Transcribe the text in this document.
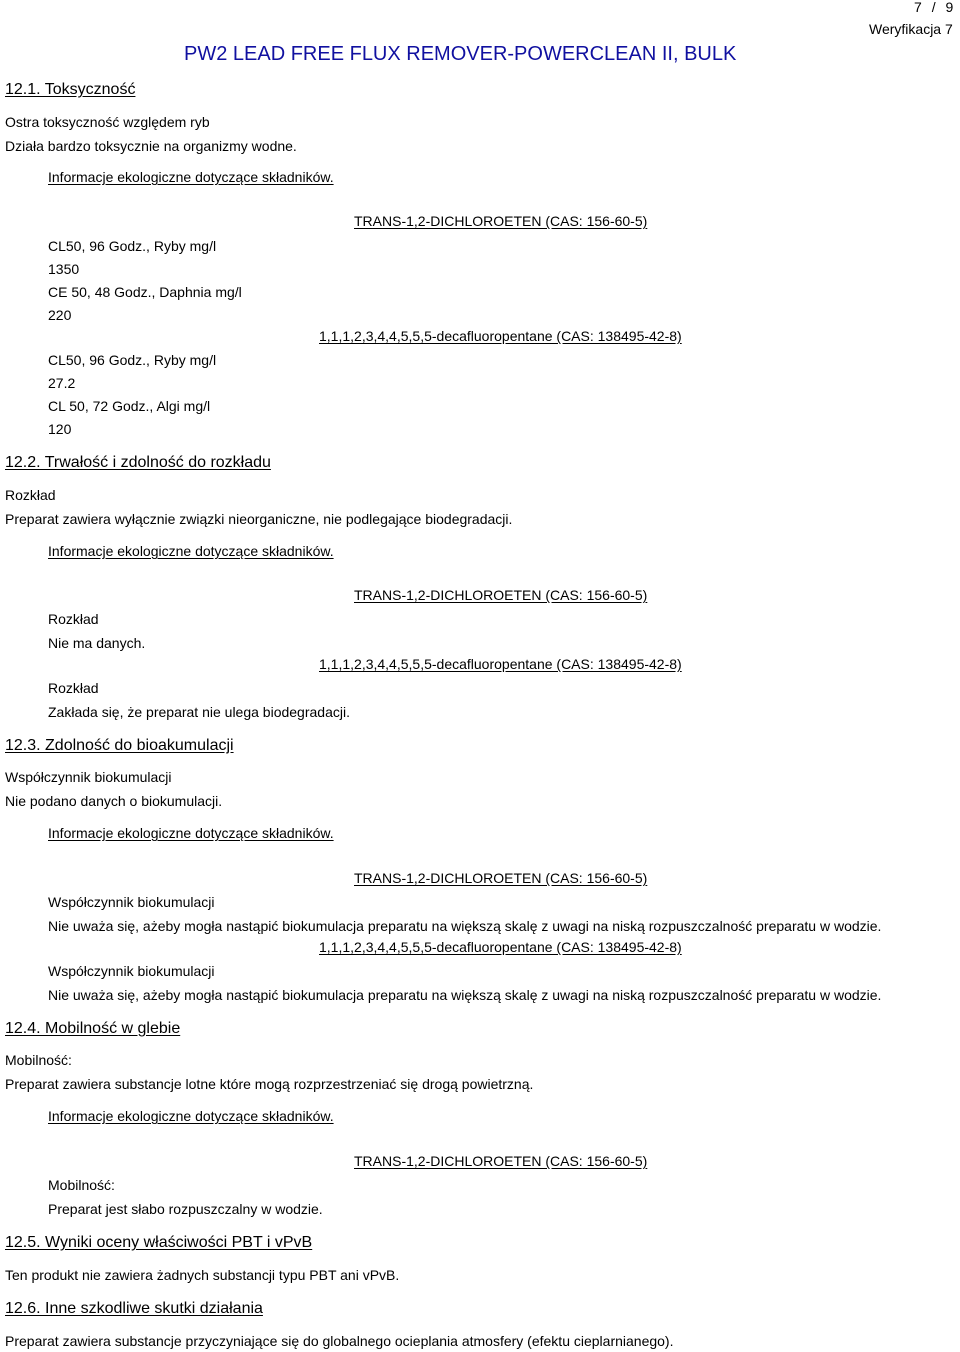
7 / 9
Weryfikacja 7
PW2 LEAD FREE FLUX REMOVER-POWERCLEAN II, BULK
12.1. Toksyczność
Ostra toksyczność względem ryb
Działa bardzo toksycznie na organizmy wodne.
Informacje ekologiczne dotyczące składników.
TRANS-1,2-DICHLOROETEN (CAS: 156-60-5)
CL50, 96 Godz., Ryby mg/l
1350
CE 50, 48 Godz., Daphnia mg/l
220
1,1,1,2,3,4,4,5,5,5-decafluoropentane (CAS: 138495-42-8)
CL50, 96 Godz., Ryby mg/l
27.2
CL 50, 72 Godz., Algi mg/l
120
12.2. Trwałość i zdolność do rozkładu
Rozkład
Preparat zawiera wyłącznie związki nieorganiczne, nie podlegające biodegradacji.
Informacje ekologiczne dotyczące składników.
TRANS-1,2-DICHLOROETEN (CAS: 156-60-5)
Rozkład
Nie ma danych.
1,1,1,2,3,4,4,5,5,5-decafluoropentane (CAS: 138495-42-8)
Rozkład
Zakłada się, że preparat nie ulega biodegradacji.
12.3. Zdolność do bioakumulacji
Współczynnik biokumulacji
Nie podano danych o biokumulacji.
Informacje ekologiczne dotyczące składników.
TRANS-1,2-DICHLOROETEN (CAS: 156-60-5)
Współczynnik biokumulacji
Nie uważa się, ażeby mogła nastąpić biokumulacja preparatu na większą skalę z uwagi na niską rozpuszczalność preparatu w wodzie.
1,1,1,2,3,4,4,5,5,5-decafluoropentane (CAS: 138495-42-8)
Współczynnik biokumulacji
Nie uważa się, ażeby mogła nastąpić biokumulacja preparatu na większą skalę z uwagi na niską rozpuszczalność preparatu w wodzie.
12.4. Mobilność w glebie
Mobilność:
Preparat zawiera substancje lotne które mogą rozprzestrzeniać się drogą powietrzną.
Informacje ekologiczne dotyczące składników.
TRANS-1,2-DICHLOROETEN (CAS: 156-60-5)
Mobilność:
Preparat jest słabo rozpuszczalny w wodzie.
12.5. Wyniki oceny właściwości PBT i vPvB
Ten produkt nie zawiera żadnych substancji typu PBT ani vPvB.
12.6. Inne szkodliwe skutki działania
Preparat zawiera substancje przyczyniające się do globalnego ocieplania atmosfery (efektu cieplarnianego).
